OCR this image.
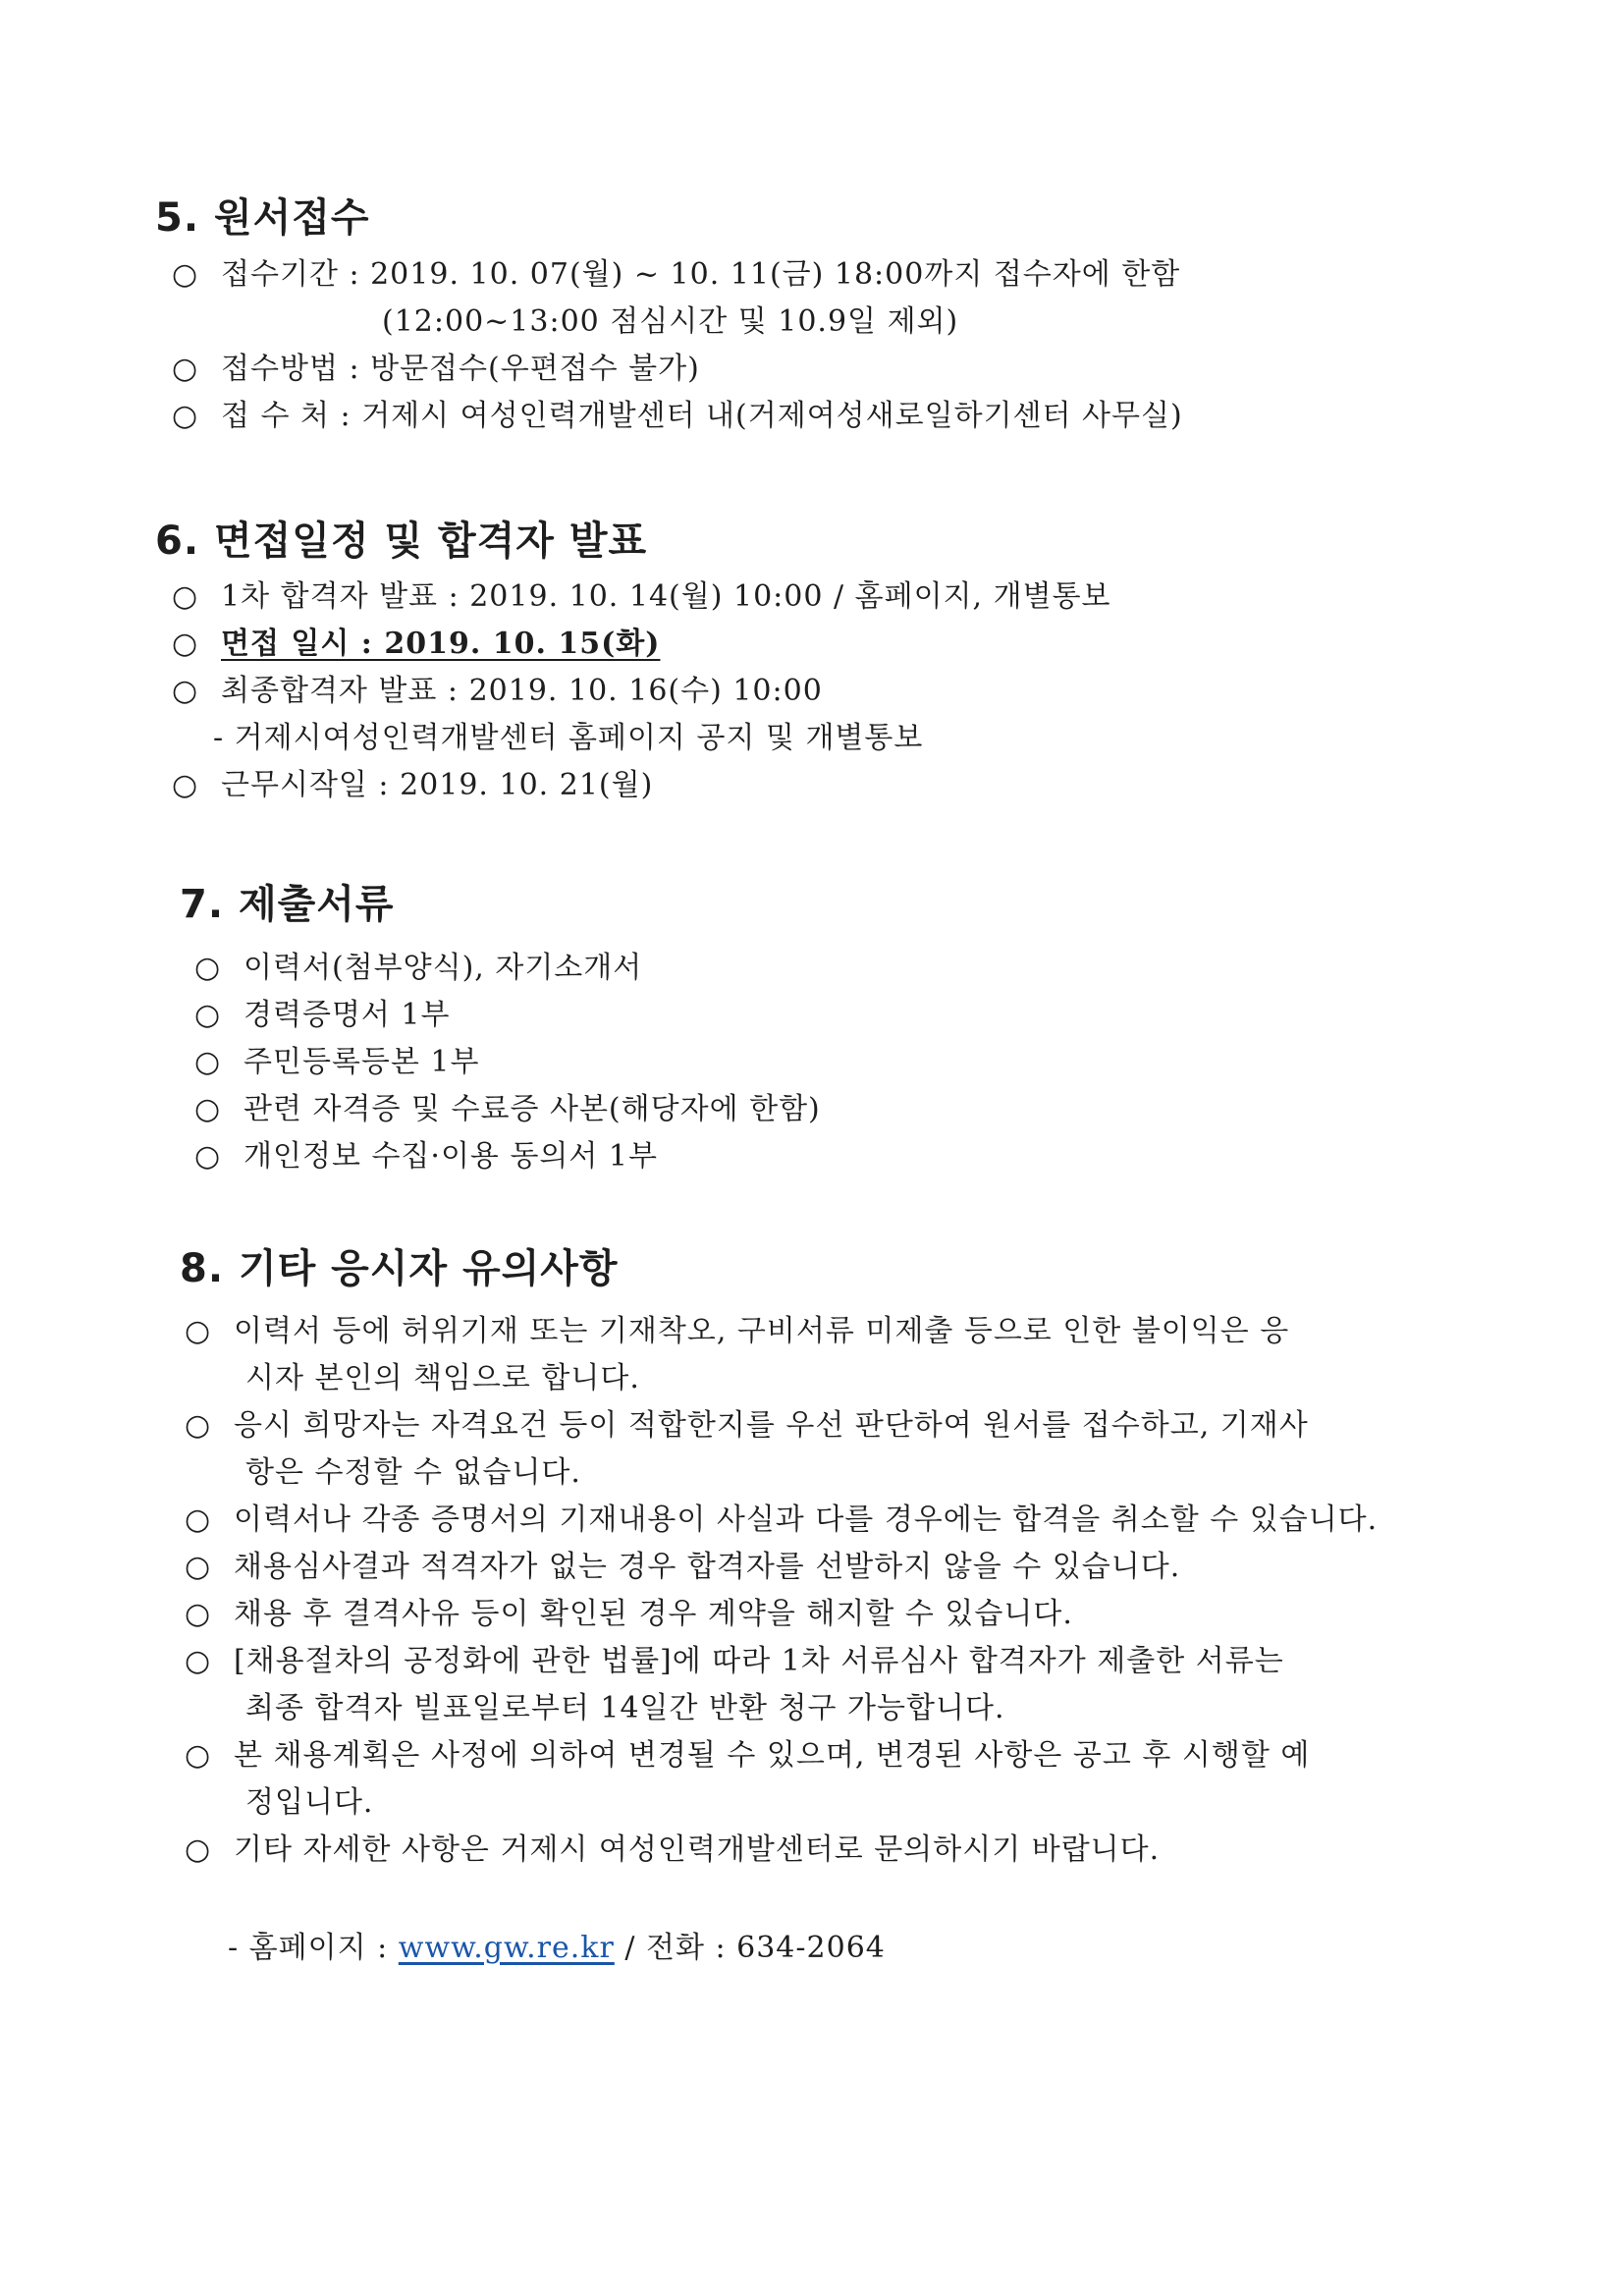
5. 원서접수
○ 접수기간 : 2019. 10. 07(월) ~ 10. 11(금) 18:00까지 접수자에 한함
(12:00~13:00 점심시간 및 10.9일 제외)
○ 접수방법 : 방문접수(우편접수 불가)
○ 접 수 처 : 거제시 여성인력개발센터 내(거제여성새로일하기센터 사무실)
6. 면접일정 및 합격자 발표
○ 1차 합격자 발표 : 2019. 10. 14(월) 10:00 / 홈페이지, 개별통보
○ 면접 일시 : 2019. 10. 15(화)
○ 최종합격자 발표 : 2019. 10. 16(수) 10:00
- 거제시여성인력개발센터 홈페이지 공지 및 개별통보
○ 근무시작일 : 2019. 10. 21(월)
7. 제출서류
○ 이력서(첨부양식), 자기소개서
○ 경력증명서 1부
○ 주민등록등본 1부
○ 관련 자격증 및 수료증 사본(해당자에 한함)
○ 개인정보 수집·이용 동의서 1부
8. 기타 응시자 유의사항
○ 이력서 등에 허위기재 또는 기재착오, 구비서류 미제출 등으로 인한 불이익은 응
시자 본인의 책임으로 합니다.
○ 응시 희망자는 자격요건 등이 적합한지를 우선 판단하여 원서를 접수하고, 기재사
항은 수정할 수 없습니다.
○ 이력서나 각종 증명서의 기재내용이 사실과 다를 경우에는 합격을 취소할 수 있습니다.
○ 채용심사결과 적격자가 없는 경우 합격자를 선발하지 않을 수 있습니다.
○ 채용 후 결격사유 등이 확인된 경우 계약을 해지할 수 있습니다.
○ [채용절차의 공정화에 관한 법률]에 따라 1차 서류심사 합격자가 제출한 서류는
최종 합격자 빌표일로부터 14일간 반환 청구 가능합니다.
○ 본 채용계획은 사정에 의하여 변경될 수 있으며, 변경된 사항은 공고 후 시행할 예
정입니다.
○ 기타 자세한 사항은 거제시 여성인력개발센터로 문의하시기 바랍니다.
- 홈페이지 : www.gw.re.kr / 전화 : 634-2064
